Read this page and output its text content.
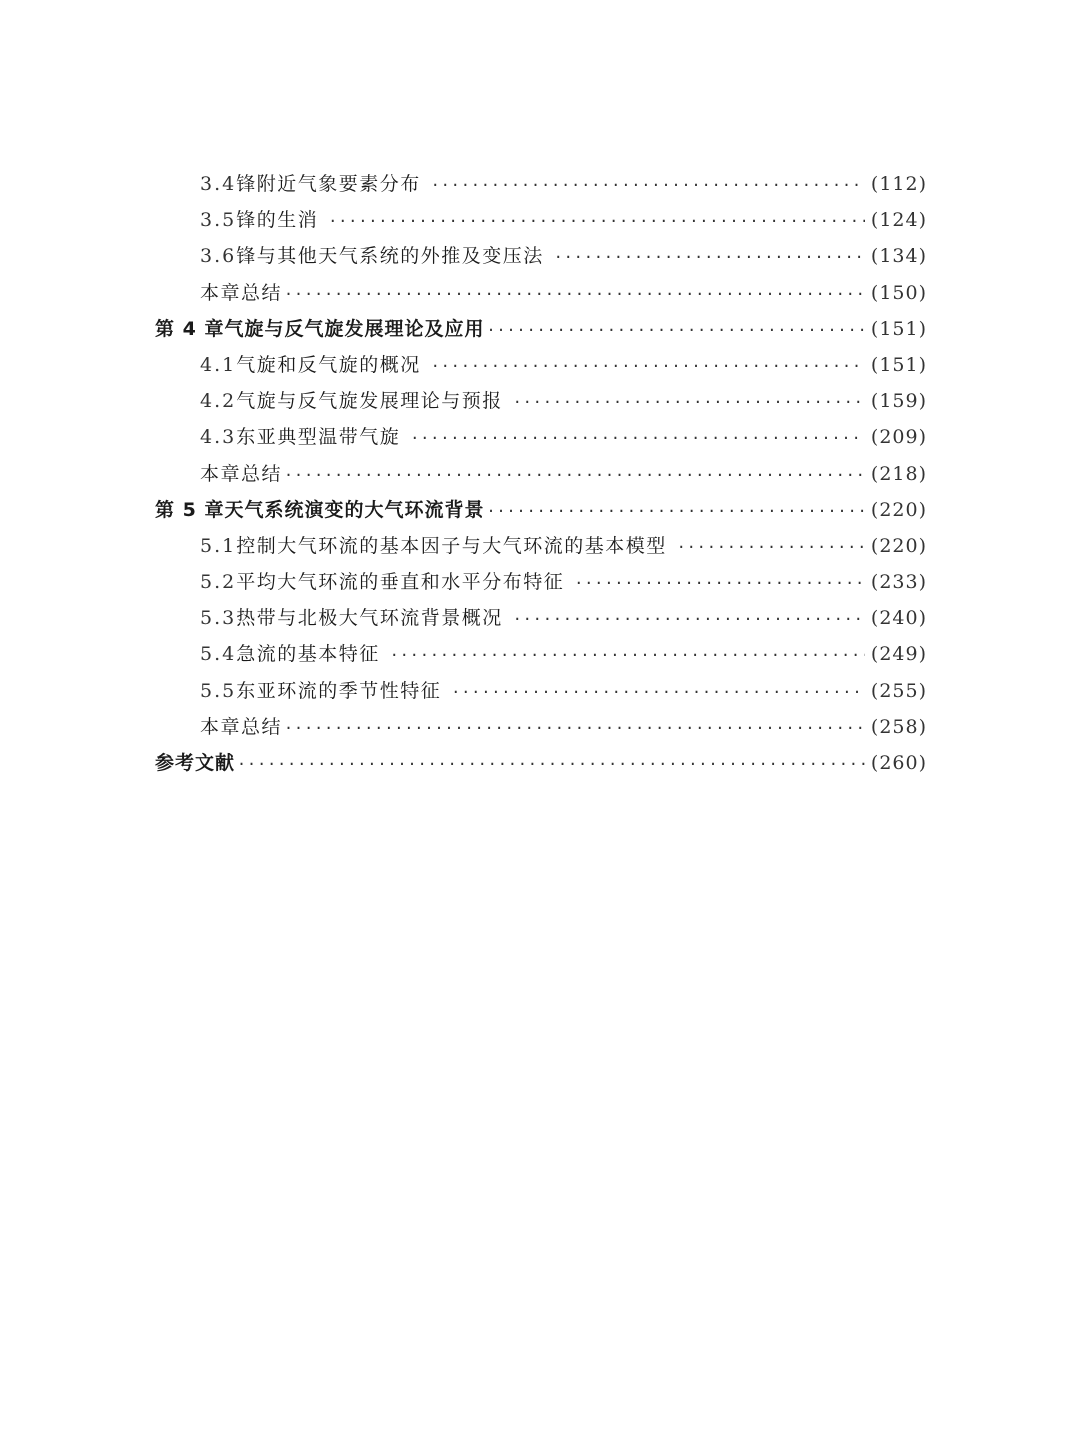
3.4 锋附近气象要素分布 ·····	(112)
3.5 锋的生消 ·····	(124)
3.6 锋与其他天气系统的外推及变压法 ·····	(134)
本章总结 ·····	(150)
第 4 章 气旋与反气旋发展理论及应用 ·····	(151)
4.1 气旋和反气旋的概况 ·····	(151)
4.2 气旋与反气旋发展理论与预报 ·····	(159)
4.3 东亚典型温带气旋 ·····	(209)
本章总结 ·····	(218)
第 5 章 天气系统演变的大气环流背景 ·····	(220)
5.1 控制大气环流的基本因子与大气环流的基本模型 ·····	(220)
5.2 平均大气环流的垂直和水平分布特征 ·····	(233)
5.3 热带与北极大气环流背景概况 ·····	(240)
5.4 急流的基本特征 ·····	(249)
5.5 东亚环流的季节性特征 ·····	(255)
本章总结 ·····	(258)
参考文献 ·····	(260)
